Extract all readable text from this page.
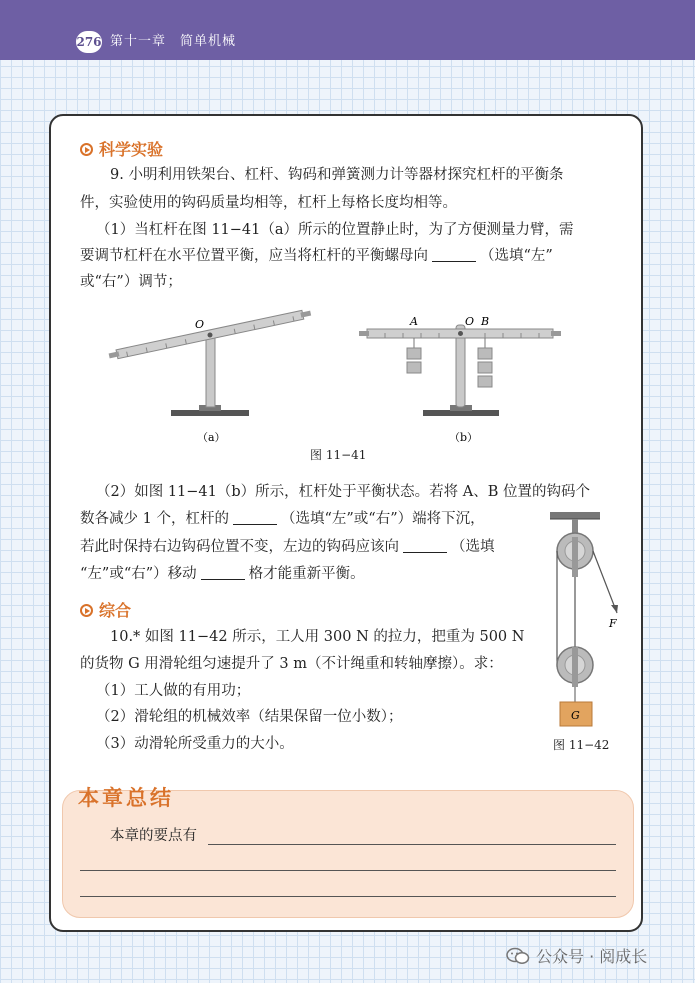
276 第十一章　简单机械
科学实验
9. 小明利用铁架台、杠杆、钩码和弹簧测力计等器材探究杠杆的平衡条
件，实验使用的钩码质量均相等，杠杆上每格长度均相等。
（1）当杠杆在图 11−41（a）所示的位置静止时，为了方便测量力臂，需
要调节杠杆在水平位置平衡，应当将杠杆的平衡螺母向	（选填“左”
或“右”）调节；
O
（a）
A	O B
（b）
图 11−41
（2）如图 11−41（b）所示，杠杆处于平衡状态。若将 A、B 位置的钩码个
数各减少 1 个，杠杆的	（选填“左”或“右”）端将下沉，
若此时保持右边钩码位置不变，左边的钩码应该向	（选填
“左”或“右”）移动	格才能重新平衡。
综合
10.* 如图 11−42 所示，工人用 300 N 的拉力，把重为 500 N
的货物 G 用滑轮组匀速提升了 3 m（不计绳重和转轴摩擦）。求：
（1）工人做的有用功；
（2）滑轮组的机械效率（结果保留一位小数）；
（3）动滑轮所受重力的大小。
F
G
图 11−42
本章总结
本章的要点有
公众号 · 阅成长
